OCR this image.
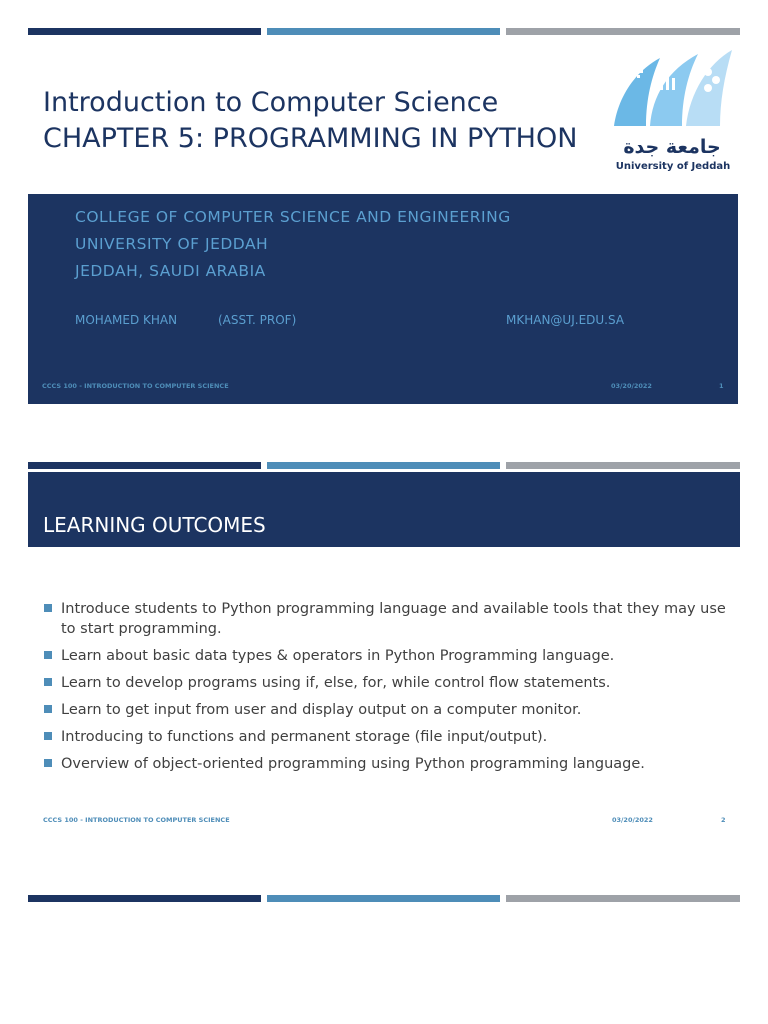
Introduction to Computer Science
CHAPTER 5: PROGRAMMING IN PYTHON جامعة جدة
University of Jeddah
COLLEGE OF COMPUTER SCIENCE AND ENGINEERING
UNIVERSITY OF JEDDAH
JEDDAH, SAUDI ARABIA
MOHAMED KHAN	(ASST. PROF)	MKHAN@UJ.EDU.SA
CCCS 100 - INTRODUCTION TO COMPUTER SCIENCE	03/20/2022	1
LEARNING OUTCOMES
Introduce students to Python programming language and available tools that they may use to start programming.
Learn about basic data types & operators in Python Programming language.
Learn to develop programs using if, else, for, while control flow statements.
Learn to get input from user and display output on a computer monitor.
Introducing to functions and permanent storage (file input/output).
Overview of object-oriented programming using Python programming language.
CCCS 100 - INTRODUCTION TO COMPUTER SCIENCE	03/20/2022	2
